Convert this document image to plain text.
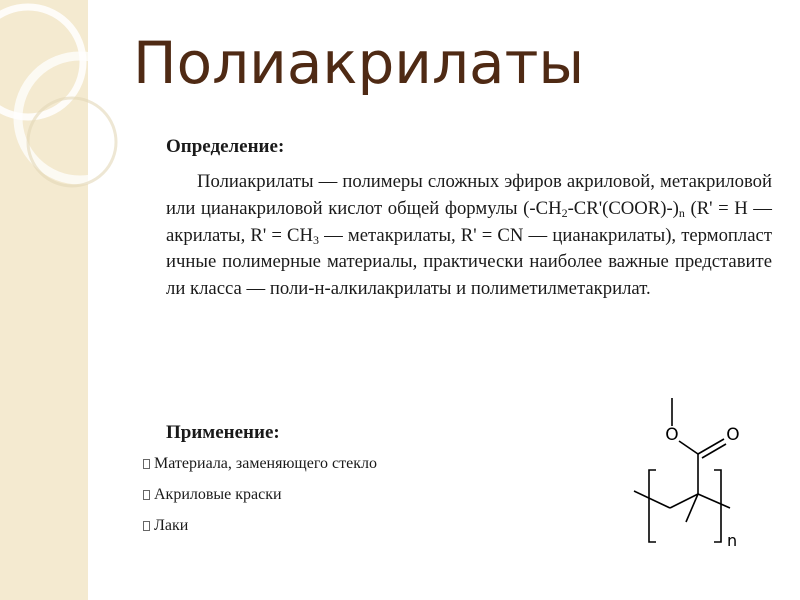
Полиакрилаты
Определение:

Полиакрилаты — полимеры сложных эфиров акриловой, метакриловой или цианакриловой кислот общей формулы $(-CH_2-CR'(COOR)-)_n$ (R' = H — акрилаты, $R' = CH_3$ — метакрилаты, R' = CN — цианакрилаты), термопластичные полимерные материалы, практически наиболее важные представители класса — поли-н-алкилакрилаты и полиметилметакрилат.

Применение:
Материала, заменяющего стекло
Акриловые краски
Лаки
O	O
n
